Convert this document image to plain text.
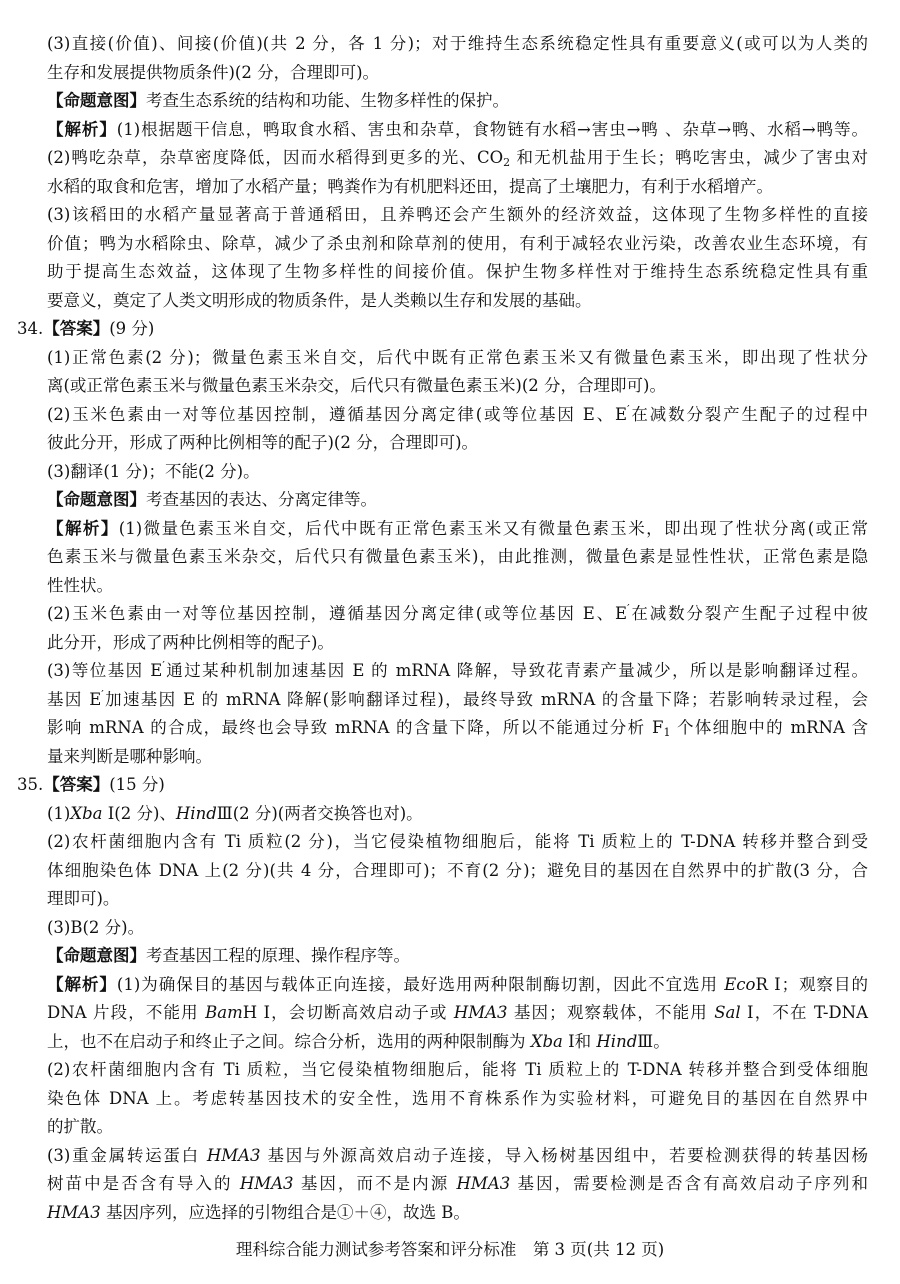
(3)直接(价值)、间接(价值)(共 2 分，各 1 分)；对于维持生态系统稳定性具有重要意义(或可以为人类的
生存和发展提供物质条件)(2 分，合理即可)。
【命题意图】考查生态系统的结构和功能、生物多样性的保护。
【解析】(1)根据题干信息，鸭取食水稻、害虫和杂草，食物链有水稻→害虫→鸭 、杂草→鸭、水稻→鸭等。
(2)鸭吃杂草，杂草密度降低，因而水稻得到更多的光、$CO_2$ 和无机盐用于生长；鸭吃害虫，减少了害虫对
水稻的取食和危害，增加了水稻产量；鸭粪作为有机肥料还田，提高了土壤肥力，有利于水稻增产。
(3)该稻田的水稻产量显著高于普通稻田，且养鸭还会产生额外的经济效益，这体现了生物多样性的直接
价值；鸭为水稻除虫、除草，减少了杀虫剂和除草剂的使用，有利于减轻农业污染，改善农业生态环境，有
助于提高生态效益，这体现了生物多样性的间接价值。保护生物多样性对于维持生态系统稳定性具有重
要意义，奠定了人类文明形成的物质条件，是人类赖以生存和发展的基础。
34.【答案】(9 分)
(1)正常色素(2 分)；微量色素玉米自交，后代中既有正常色素玉米又有微量色素玉米，即出现了性状分
离(或正常色素玉米与微量色素玉米杂交，后代只有微量色素玉米)(2 分，合理即可)。
(2)玉米色素由一对等位基因控制，遵循基因分离定律(或等位基因 E、E′在减数分裂产生配子的过程中
彼此分开，形成了两种比例相等的配子)(2 分，合理即可)。
(3)翻译(1 分)；不能(2 分)。
【命题意图】考查基因的表达、分离定律等。
【解析】(1)微量色素玉米自交，后代中既有正常色素玉米又有微量色素玉米，即出现了性状分离(或正常
色素玉米与微量色素玉米杂交，后代只有微量色素玉米)，由此推测，微量色素是显性性状，正常色素是隐
性性状。
(2)玉米色素由一对等位基因控制，遵循基因分离定律(或等位基因 E、E′在减数分裂产生配子过程中彼
此分开，形成了两种比例相等的配子)。
(3)等位基因 E′通过某种机制加速基因 E 的 mRNA 降解，导致花青素产量减少，所以是影响翻译过程。
基因 E′加速基因 E 的 mRNA 降解(影响翻译过程)，最终导致 mRNA 的含量下降；若影响转录过程，会
影响 mRNA 的合成，最终也会导致 mRNA 的含量下降，所以不能通过分析 $F_1$ 个体细胞中的 mRNA 含
量来判断是哪种影响。
35.【答案】(15 分)
(1)Xba Ⅰ(2 分)、HindⅢ(2 分)(两者交换答也对)。
(2)农杆菌细胞内含有 Ti 质粒(2 分)，当它侵染植物细胞后，能将 Ti 质粒上的 T-DNA 转移并整合到受
体细胞染色体 DNA 上(2 分)(共 4 分，合理即可)；不育(2 分)；避免目的基因在自然界中的扩散(3 分，合
理即可)。
(3)B(2 分)。
【命题意图】考查基因工程的原理、操作程序等。
【解析】(1)为确保目的基因与载体正向连接，最好选用两种限制酶切割，因此不宜选用 EcoR Ⅰ；观察目的
DNA 片段，不能用 BamH Ⅰ，会切断高效启动子或 HMA3 基因；观察载体，不能用 Sal Ⅰ，不在 T-DNA
上，也不在启动子和终止子之间。综合分析，选用的两种限制酶为 Xba Ⅰ和 HindⅢ。
(2)农杆菌细胞内含有 Ti 质粒，当它侵染植物细胞后，能将 Ti 质粒上的 T-DNA 转移并整合到受体细胞
染色体 DNA 上。考虑转基因技术的安全性，选用不育株系作为实验材料，可避免目的基因在自然界中
的扩散。
(3)重金属转运蛋白 HMA3 基因与外源高效启动子连接，导入杨树基因组中，若要检测获得的转基因杨
树苗中是否含有导入的 HMA3 基因，而不是内源 HMA3 基因，需要检测是否含有高效启动子序列和
HMA3 基因序列，应选择的引物组合是①＋④，故选 B。
理科综合能力测试参考答案和评分标准　第 3 页(共 12 页)
